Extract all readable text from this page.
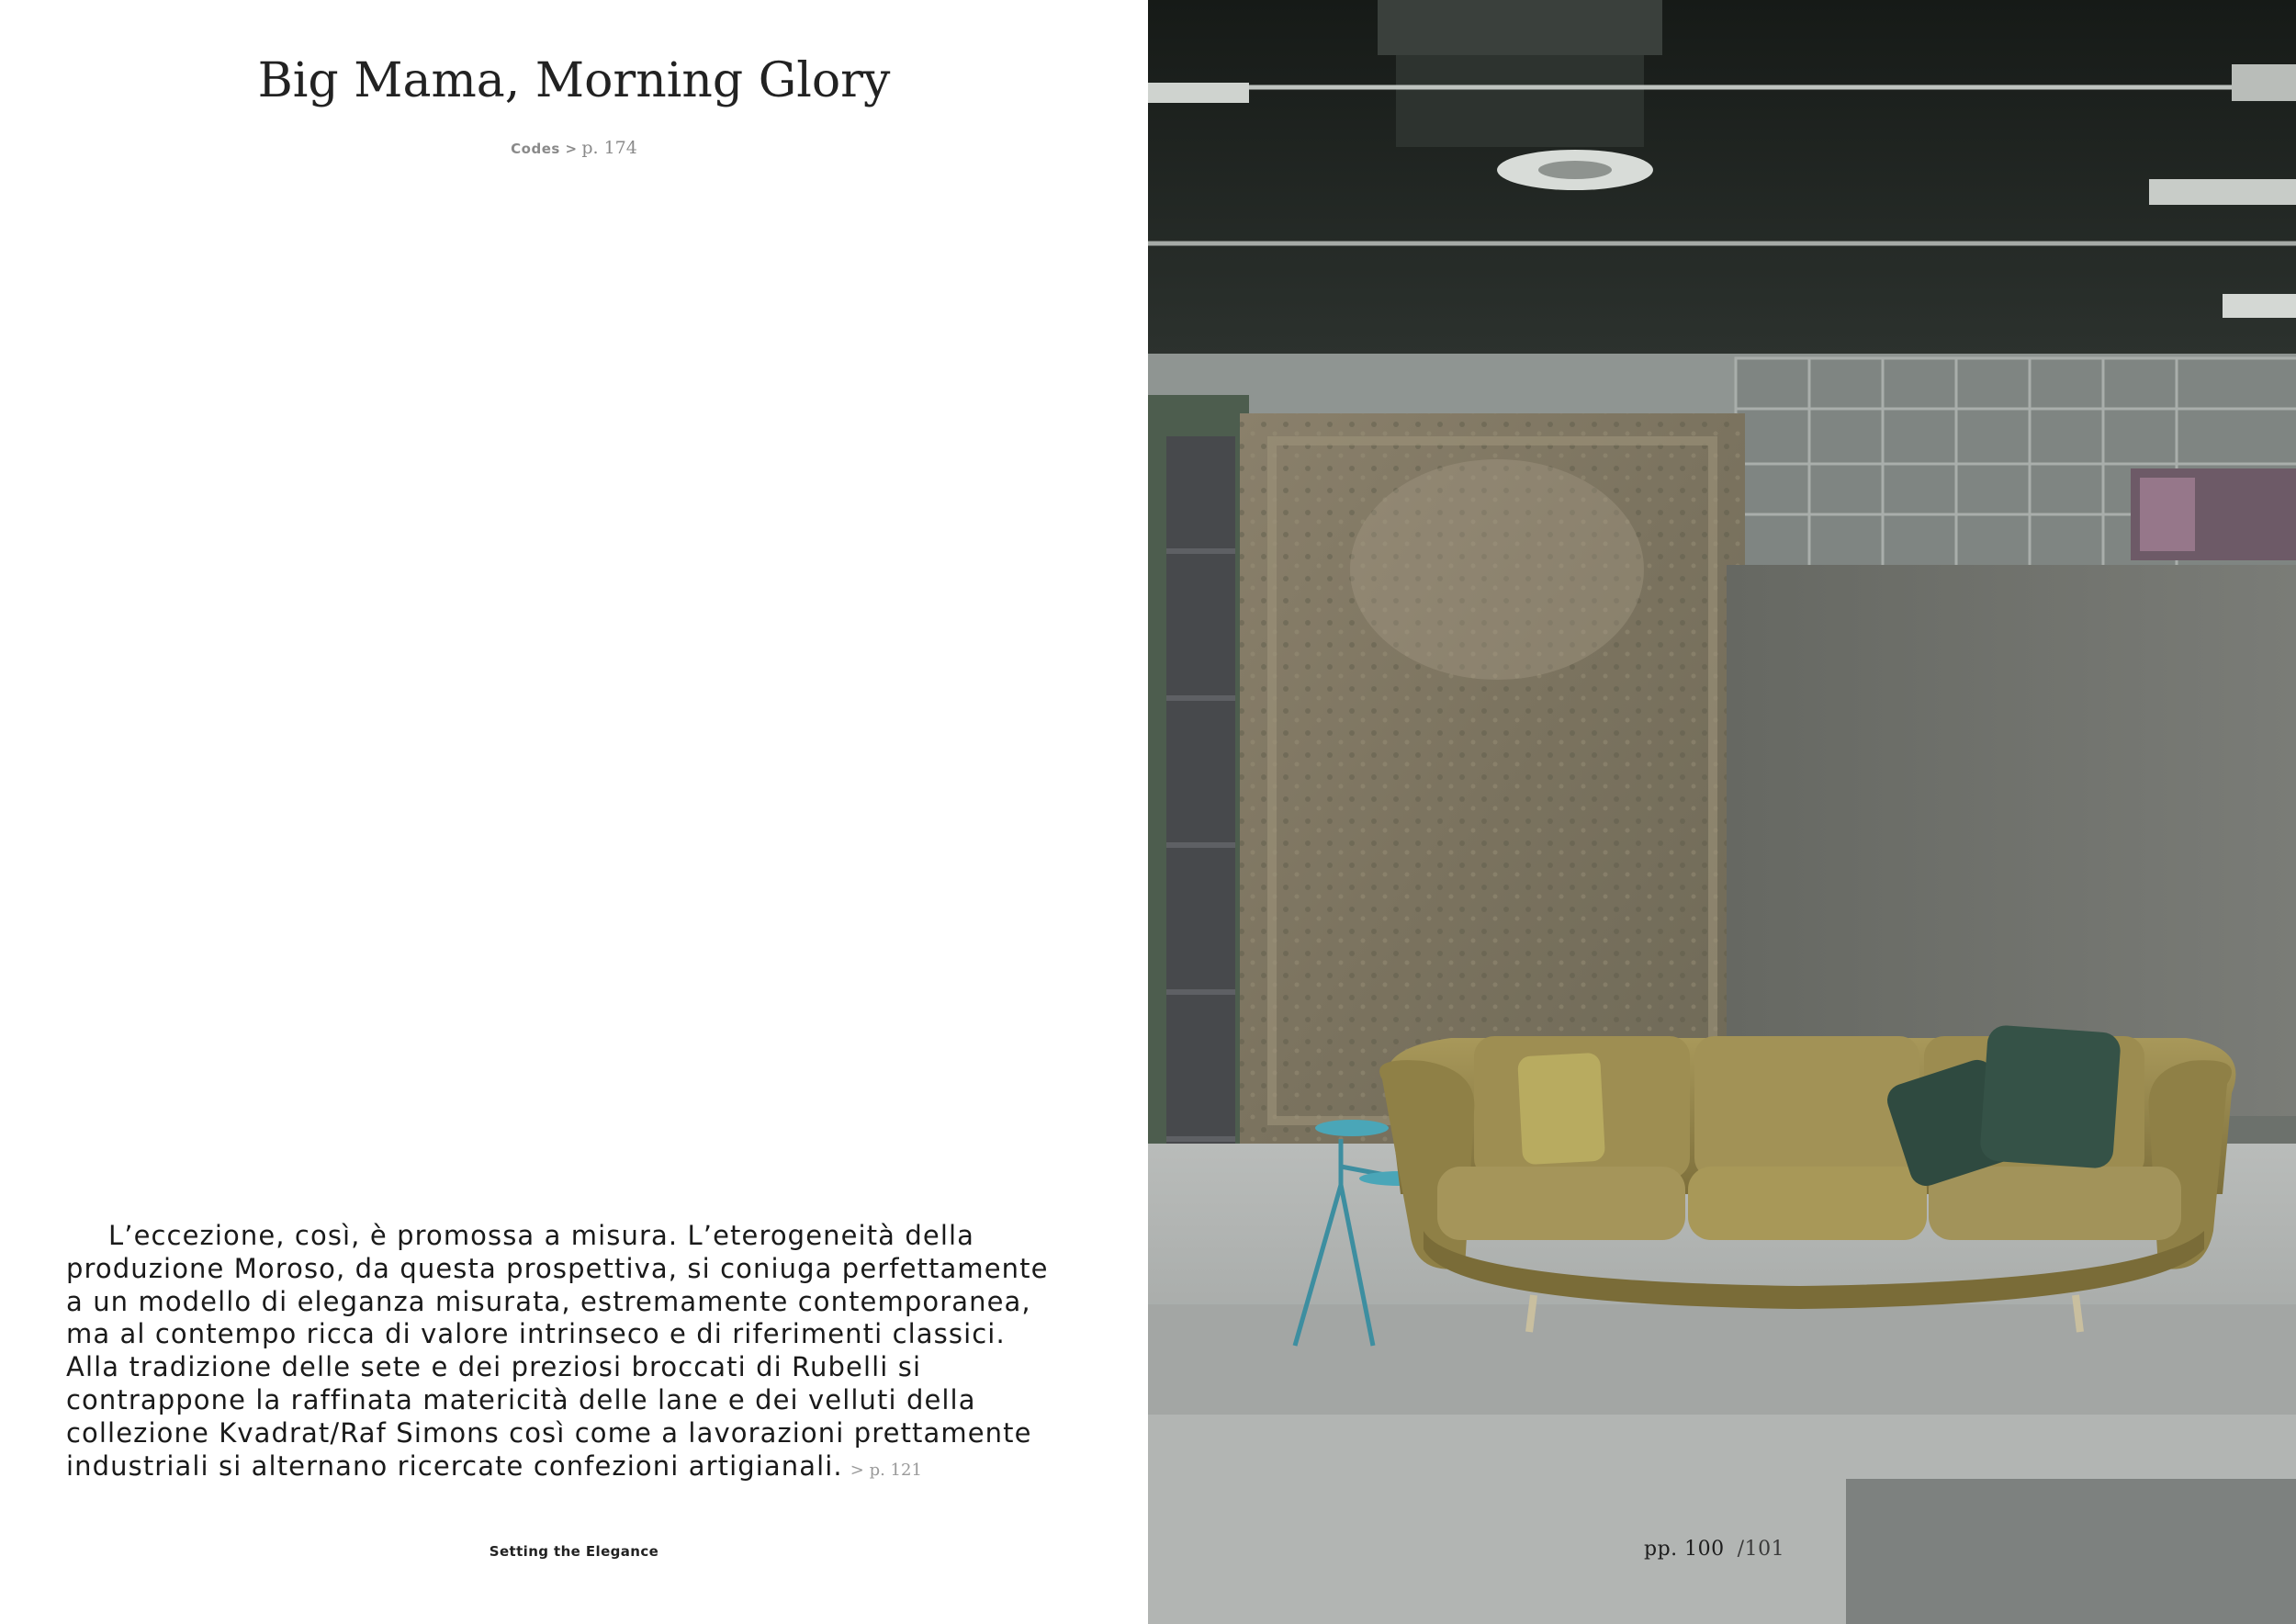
Big Mama, Morning Glory
Codes > p. 174
L’eccezione, così, è promossa a misura. L’eterogeneità della
produzione Moroso, da questa prospettiva, si coniuga perfettamente
a un modello di eleganza misurata, estremamente contemporanea,
ma al contempo ricca di valore intrinseco e di riferimenti classici.
Alla tradizione delle sete e dei preziosi broccati di Rubelli si
contrappone la raffinata matericità delle lane e dei velluti della
collezione Kvadrat/Raf Simons così come a lavorazioni prettamente
industriali si alternano ricercate confezioni artigianali. > p. 121
Setting the Elegance	pp. 100 /101
